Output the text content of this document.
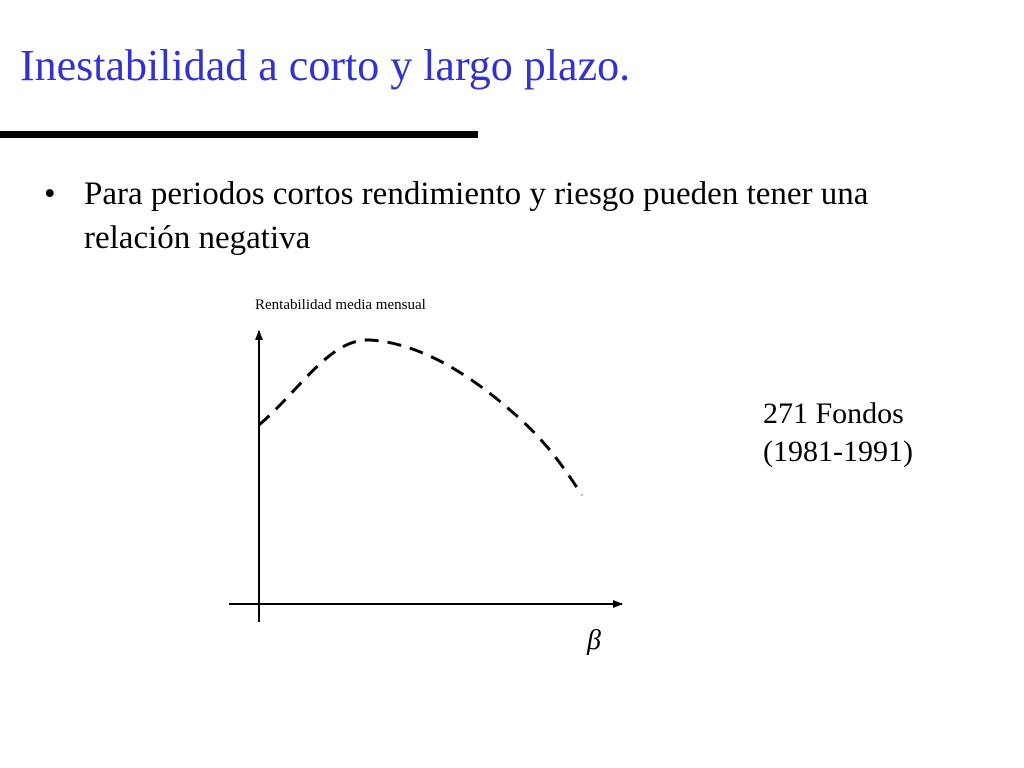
Inestabilidad a corto y largo plazo.
• Para periodos cortos rendimiento y riesgo pueden tener una relación negativa
Rentabilidad media mensual
β
271 Fondos
(1981-1991)
